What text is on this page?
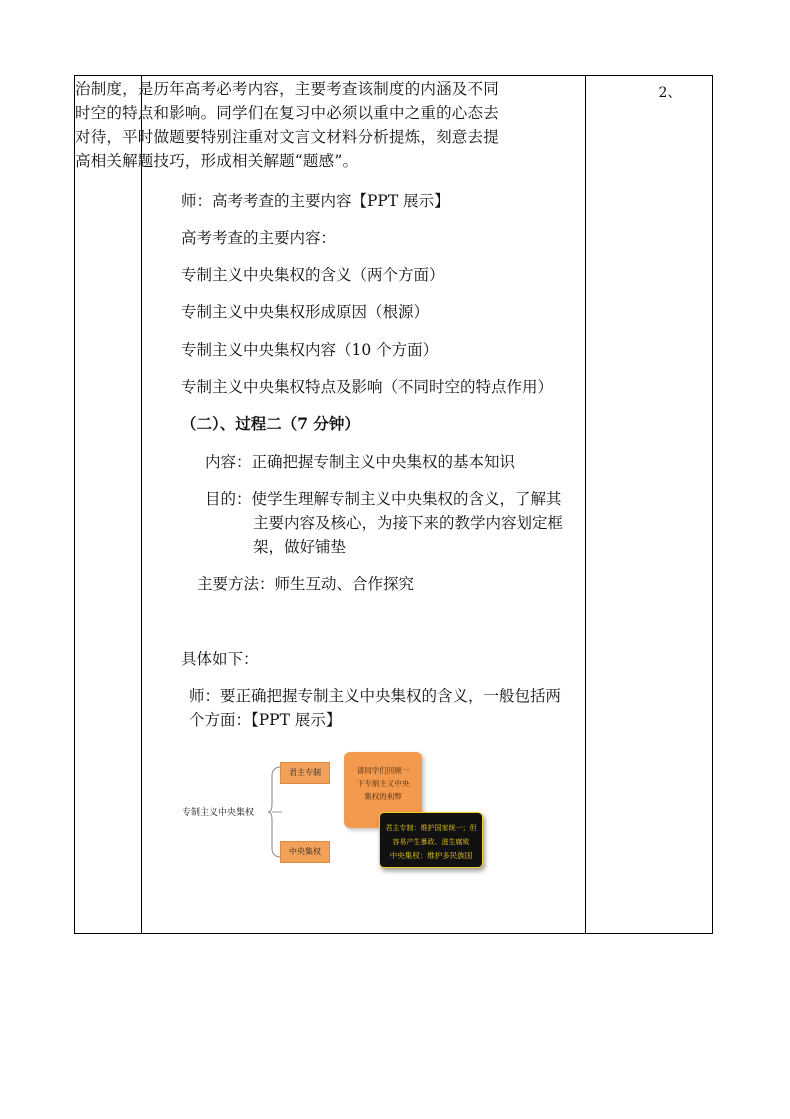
2、
治制度，是历年高考必考内容，主要考查该制度的内涵及不同
时空的特点和影响。同学们在复习中必须以重中之重的心态去
对待，平时做题要特别注重对文言文材料分析提炼，刻意去提
高相关解题技巧，形成相关解题“题感”。
师：高考考查的主要内容【PPT 展示】
高考考查的主要内容：
专制主义中央集权的含义（两个方面）
专制主义中央集权形成原因（根源）
专制主义中央集权内容（10 个方面）
专制主义中央集权特点及影响（不同时空的特点作用）
（二）、过程二（7 分钟）
内容：正确把握专制主义中央集权的基本知识
目的：使学生理解专制主义中央集权的含义，了解其
主要内容及核心，为接下来的教学内容划定框
架，做好铺垫
主要方法：师生互动、合作探究
具体如下：
师：要正确把握专制主义中央集权的含义，一般包括两
个方面：【PPT 展示】
专制主义中央集权
君主专制
中央集权
请同学们回顾一
下专制主义中央
集权的利弊
君主专制：维护国家统一；但
容易产生暴政、滋生腐败
中央集权：维护多民族国
